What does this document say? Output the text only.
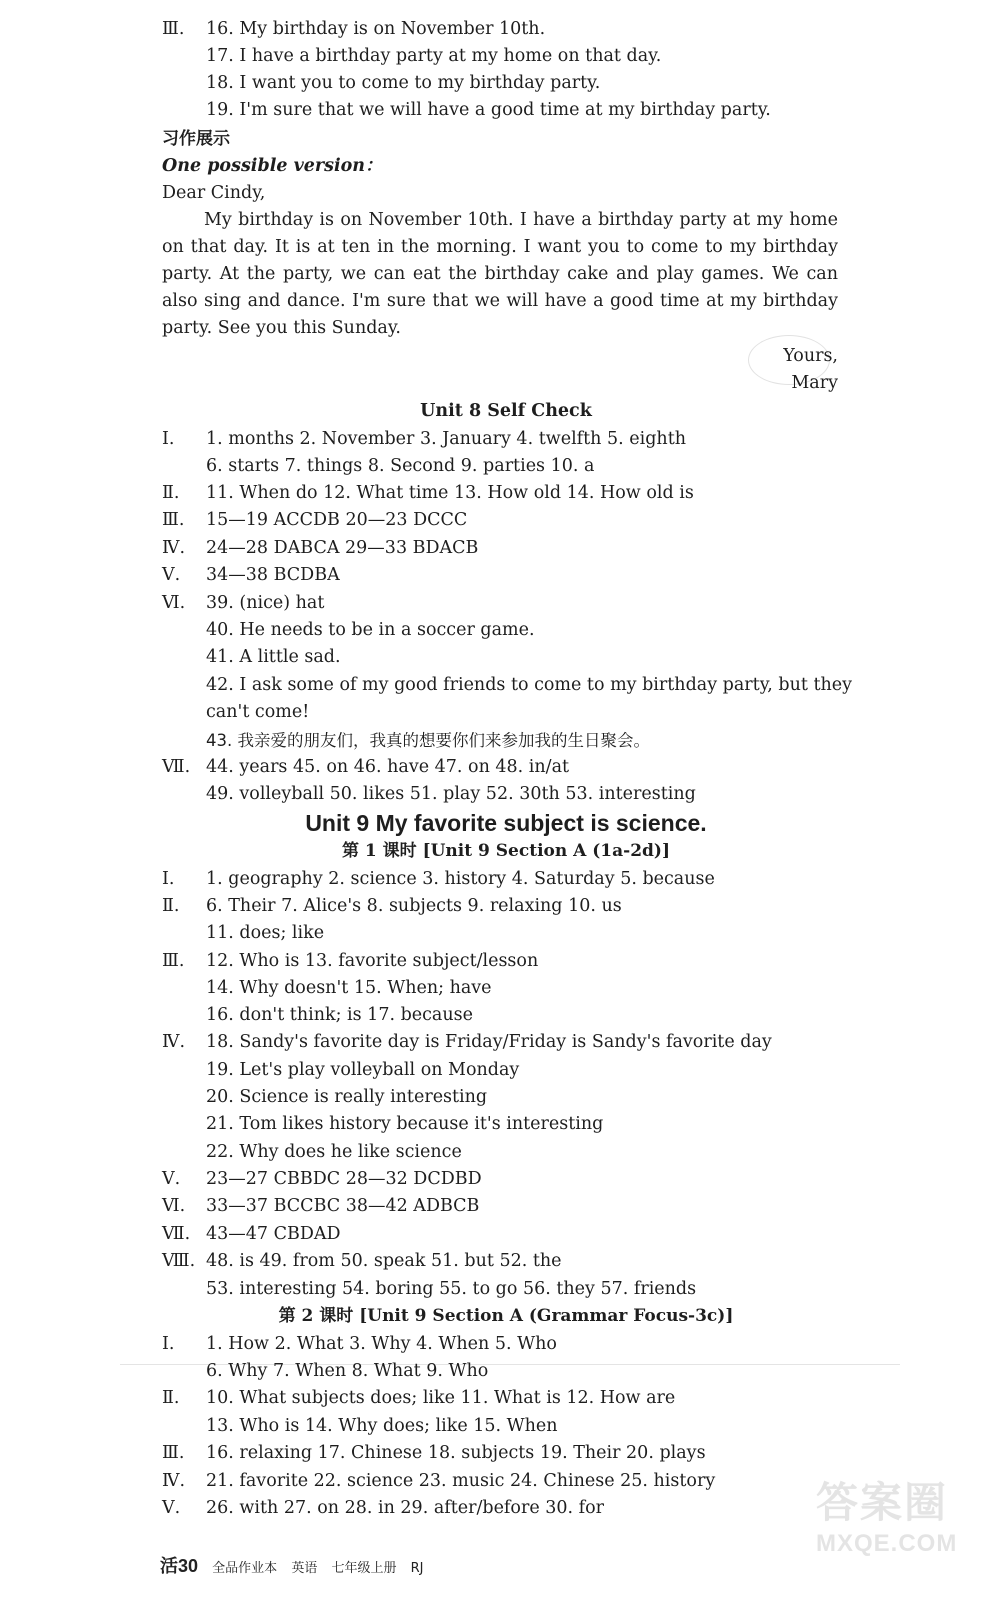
Ⅲ. 16. My birthday is on November 10th.
17. I have a birthday party at my home on that day.
18. I want you to come to my birthday party.
19. I'm sure that we will have a good time at my birthday party.
习作展示
One possible version：
Dear Cindy,
My birthday is on November 10th. I have a birthday party at my home on that day. It is at ten in the morning. I want you to come to my birthday party. At the party, we can eat the birthday cake and play games. We can also sing and dance. I'm sure that we will have a good time at my birthday party. See you this Sunday.
Yours,
Mary
Unit 8 Self Check
Ⅰ. 1. months 2. November 3. January 4. twelfth 5. eighth
6. starts 7. things 8. Second 9. parties 10. a
Ⅱ. 11. When do 12. What time 13. How old 14. How old is
Ⅲ. 15—19 ACCDB 20—23 DCCC
Ⅳ. 24—28 DABCA 29—33 BDACB
Ⅴ. 34—38 BCDBA
Ⅵ. 39. (nice) hat
40. He needs to be in a soccer game.
41. A little sad.
42. I ask some of my good friends to come to my birthday party, but they
can't come!
43. 我亲爱的朋友们，我真的想要你们来参加我的生日聚会。
Ⅶ. 44. years 45. on 46. have 47. on 48. in/at
49. volleyball 50. likes 51. play 52. 30th 53. interesting
Unit 9 My favorite subject is science.
第 1 课时 [Unit 9 Section A (1a-2d)]
Ⅰ. 1. geography 2. science 3. history 4. Saturday 5. because
Ⅱ. 6. Their 7. Alice's 8. subjects 9. relaxing 10. us
11. does; like
Ⅲ. 12. Who is 13. favorite subject/lesson
14. Why doesn't 15. When; have
16. don't think; is 17. because
Ⅳ. 18. Sandy's favorite day is Friday/Friday is Sandy's favorite day
19. Let's play volleyball on Monday
20. Science is really interesting
21. Tom likes history because it's interesting
22. Why does he like science
Ⅴ. 23—27 CBBDC 28—32 DCDBD
Ⅵ. 33—37 BCCBC 38—42 ADBCB
Ⅶ. 43—47 CBDAD
Ⅷ. 48. is 49. from 50. speak 51. but 52. the
53. interesting 54. boring 55. to go 56. they 57. friends
第 2 课时 [Unit 9 Section A (Grammar Focus-3c)]
Ⅰ. 1. How 2. What 3. Why 4. When 5. Who
6. Why 7. When 8. What 9. Who
Ⅱ. 10. What subjects does; like 11. What is 12. How are
13. Who is 14. Why does; like 15. When
Ⅲ. 16. relaxing 17. Chinese 18. subjects 19. Their 20. plays
Ⅳ. 21. favorite 22. science 23. music 24. Chinese 25. history
Ⅴ. 26. with 27. on 28. in 29. after/before 30. for
活30 全品作业本 英语 七年级上册 RJ
答案圈
MXQE.COM
